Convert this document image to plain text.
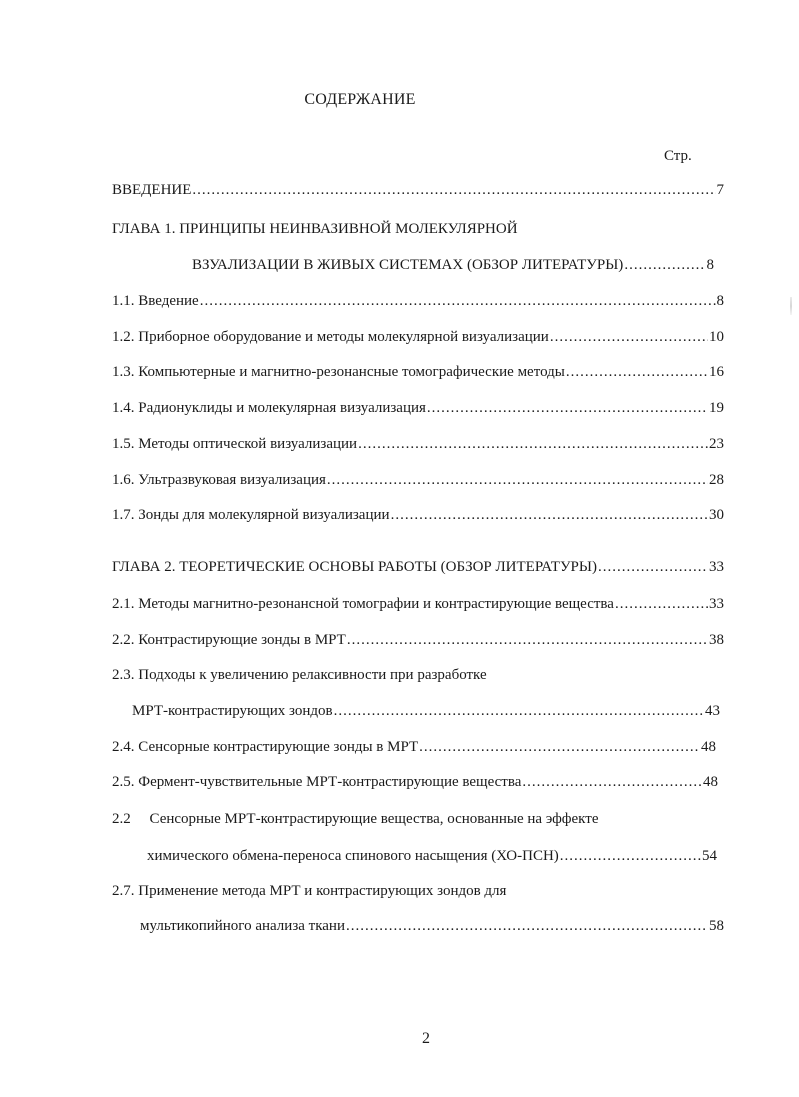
СОДЕРЖАНИЕ
Стр.
ВВЕДЕНИЕ .....	7
ГЛАВА 1. ПРИНЦИПЫ НЕИНВАЗИВНОЙ МОЛЕКУЛЯРНОЙ
ВЗУАЛИЗАЦИИ В ЖИВЫХ СИСТЕМАХ (ОБЗОР ЛИТЕРАТУРЫ) .....	8
1.1. Введение .....	8
1.2. Приборное оборудование и методы молекулярной визуализации .....	10
1.3. Компьютерные и магнитно-резонансные томографические методы .....	16
1.4. Радионуклиды и молекулярная визуализация .....	19
1.5. Методы оптической визуализации .....	23
1.6. Ультразвуковая визуализация .....	28
1.7. Зонды для молекулярной визуализации .....	30
ГЛАВА 2. ТЕОРЕТИЧЕСКИЕ ОСНОВЫ РАБОТЫ (ОБЗОР ЛИТЕРАТУРЫ) .....	33
2.1. Методы магнитно-резонансной томографии и контрастирующие вещества .....	33
2.2. Контрастирующие зонды в МРТ .....	38
2.3. Подходы к увеличению релаксивности при разработке
МРТ-контрастирующих зондов .....	43
2.4. Сенсорные контрастирующие зонды в МРТ .....	48
2.5. Фермент-чувствительные МРТ-контрастирующие вещества .....	48
2.2     Сенсорные МРТ-контрастирующие вещества, основанные на эффекте
химического обмена-переноса спинового насыщения (ХО-ПСН) .....	54
2.7. Применение метода МРТ и контрастирующих зондов для
мультикопийного анализа ткани .....	58
2
